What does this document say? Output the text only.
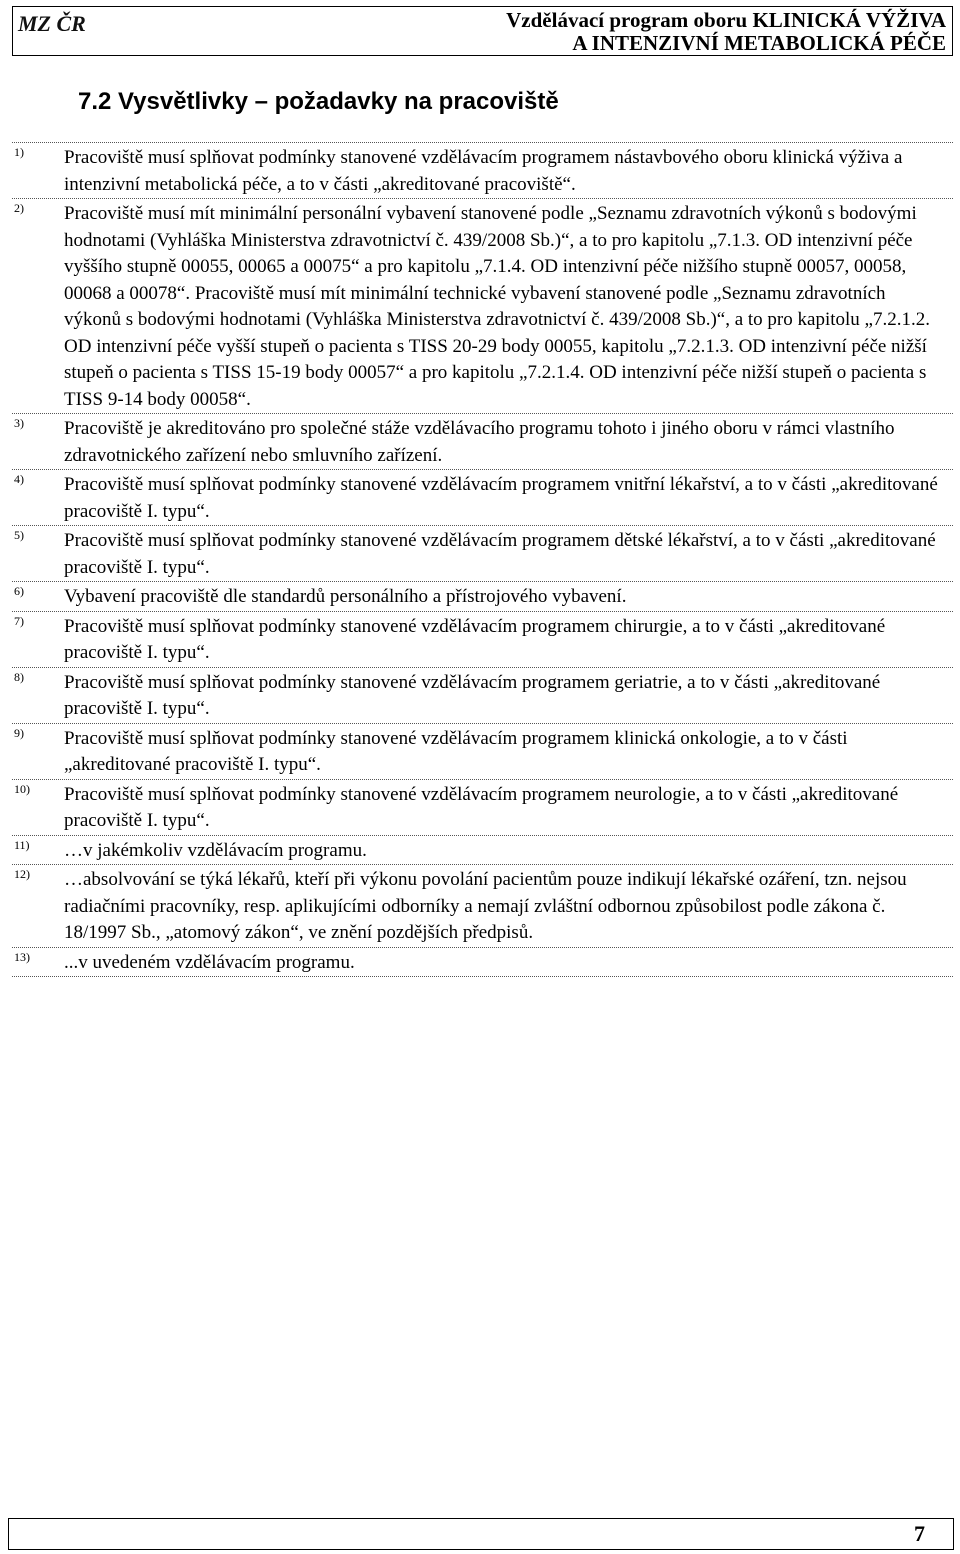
MZ ČR	Vzdělávací program oboru KLINICKÁ VÝŽIVA
A INTENZIVNÍ METABOLICKÁ PÉČE
7.2 Vysvětlivky – požadavky na pracoviště
1)	Pracoviště musí splňovat podmínky stanovené vzdělávacím programem nástavbového oboru klinická výživa a intenzivní metabolická péče, a to v části „akreditované pracoviště“.
2)	Pracoviště musí mít minimální personální vybavení stanovené podle „Seznamu zdravotních výkonů s bodovými hodnotami (Vyhláška Ministerstva zdravotnictví č. 439/2008 Sb.)“, a to pro kapitolu „7.1.3. OD intenzivní péče vyššího stupně 00055, 00065 a 00075“ a pro kapitolu „7.1.4. OD intenzivní péče nižšího stupně 00057, 00058, 00068 a 00078“. Pracoviště musí mít minimální technické vybavení stanovené podle „Seznamu zdravotních výkonů s bodovými hodnotami (Vyhláška Ministerstva zdravotnictví č. 439/2008 Sb.)“, a to pro kapitolu „7.2.1.2. OD intenzivní péče vyšší stupeň o pacienta s TISS 20-29 body 00055, kapitolu „7.2.1.3. OD intenzivní péče nižší stupeň o pacienta s TISS 15-19 body 00057“ a pro kapitolu „7.2.1.4. OD intenzivní péče nižší stupeň o pacienta s TISS 9-14 body 00058“.
3)	Pracoviště je akreditováno pro společné stáže vzdělávacího programu tohoto i jiného oboru v rámci vlastního zdravotnického zařízení nebo smluvního zařízení.
4)	Pracoviště musí splňovat podmínky stanovené vzdělávacím programem vnitřní lékařství, a to v části „akreditované pracoviště I. typu“.
5)	Pracoviště musí splňovat podmínky stanovené vzdělávacím programem dětské lékařství, a to v části „akreditované pracoviště I. typu“.
6)	Vybavení pracoviště dle standardů personálního a přístrojového vybavení.
7)	Pracoviště musí splňovat podmínky stanovené vzdělávacím programem chirurgie, a to v části „akreditované pracoviště I. typu“.
8)	Pracoviště musí splňovat podmínky stanovené vzdělávacím programem geriatrie, a to v části „akreditované pracoviště I. typu“.
9)	Pracoviště musí splňovat podmínky stanovené vzdělávacím programem klinická onkologie, a to v části „akreditované pracoviště I. typu“.
10)	Pracoviště musí splňovat podmínky stanovené vzdělávacím programem neurologie, a to v části „akreditované pracoviště I. typu“.
11)	…v jakémkoliv vzdělávacím programu.
12)	…absolvování se týká lékařů, kteří při výkonu povolání pacientům pouze indikují lékařské ozáření, tzn. nejsou radiačními pracovníky, resp. aplikujícími odborníky a nemají zvláštní odbornou způsobilost podle zákona č. 18/1997 Sb., „atomový zákon“, ve znění pozdějších předpisů.
13)	...v uvedeném vzdělávacím programu.
7
